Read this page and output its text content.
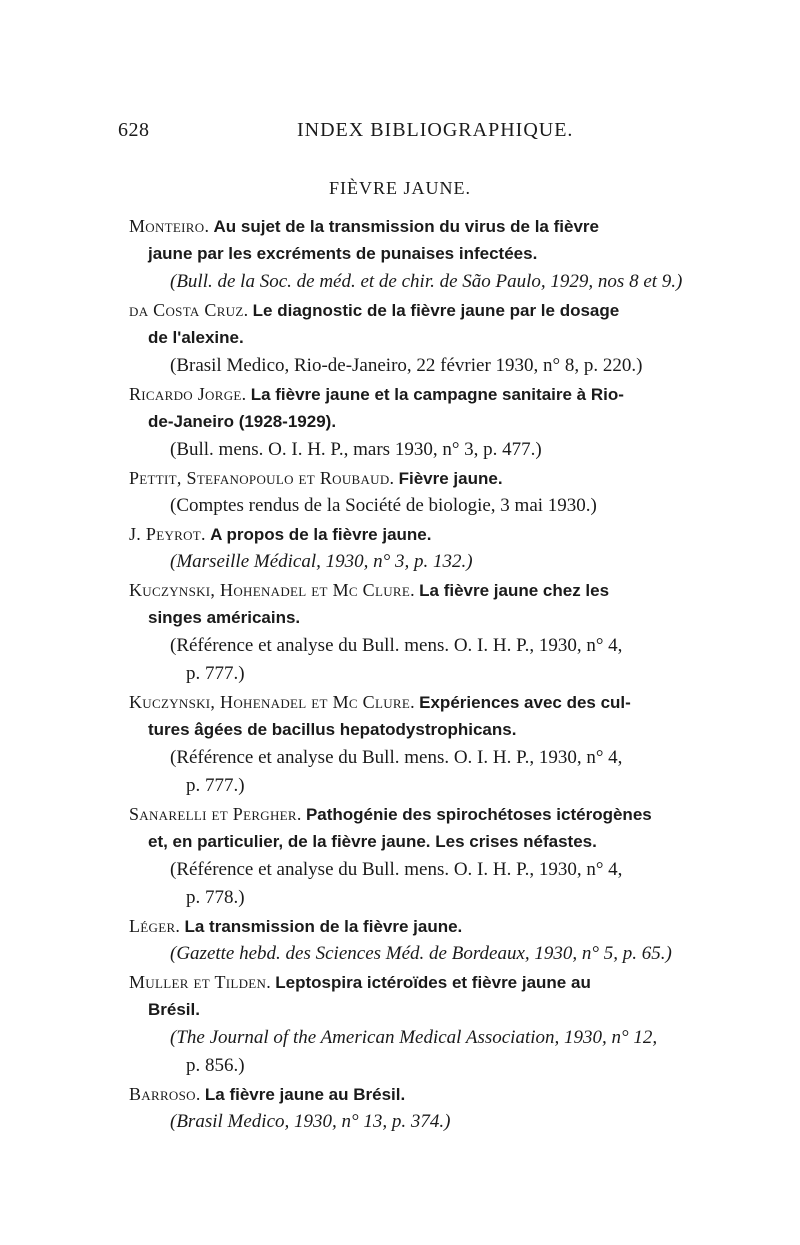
628	INDEX BIBLIOGRAPHIQUE.
FIÈVRE JAUNE.
Monteiro. Au sujet de la transmission du virus de la fièvre
jaune par les excréments de punaises infectées.
(Bull. de la Soc. de méd. et de chir. de São Paulo, 1929, nos 8 et 9.)
da Costa Cruz. Le diagnostic de la fièvre jaune par le dosage
de l'alexine.
(Brasil Medico, Rio-de-Janeiro, 22 février 1930, n° 8, p. 220.)
Ricardo Jorge. La fièvre jaune et la campagne sanitaire à Rio-
de-Janeiro (1928-1929).
(Bull. mens. O. I. H. P., mars 1930, n° 3, p. 477.)
Pettit, Stefanopoulo et Roubaud. Fièvre jaune.
(Comptes rendus de la Société de biologie, 3 mai 1930.)
J. Peyrot. A propos de la fièvre jaune.
(Marseille Médical, 1930, n° 3, p. 132.)
Kuczynski, Hohenadel et Mc Clure. La fièvre jaune chez les
singes américains.
(Référence et analyse du Bull. mens. O. I. H. P., 1930, n° 4,
p. 777.)
Kuczynski, Hohenadel et Mc Clure. Expériences avec des cul-
tures âgées de bacillus hepatodystrophicans.
(Référence et analyse du Bull. mens. O. I. H. P., 1930, n° 4,
p. 777.)
Sanarelli et Pergher. Pathogénie des spirochétoses ictérogènes
et, en particulier, de la fièvre jaune. Les crises néfastes.
(Référence et analyse du Bull. mens. O. I. H. P., 1930, n° 4,
p. 778.)
Léger. La transmission de la fièvre jaune.
(Gazette hebd. des Sciences Méd. de Bordeaux, 1930, n° 5, p. 65.)
Muller et Tilden. Leptospira ictéroïdes et fièvre jaune au
Brésil.
(The Journal of the American Medical Association, 1930, n° 12,
p. 856.)
Barroso. La fièvre jaune au Brésil.
(Brasil Medico, 1930, n° 13, p. 374.)
